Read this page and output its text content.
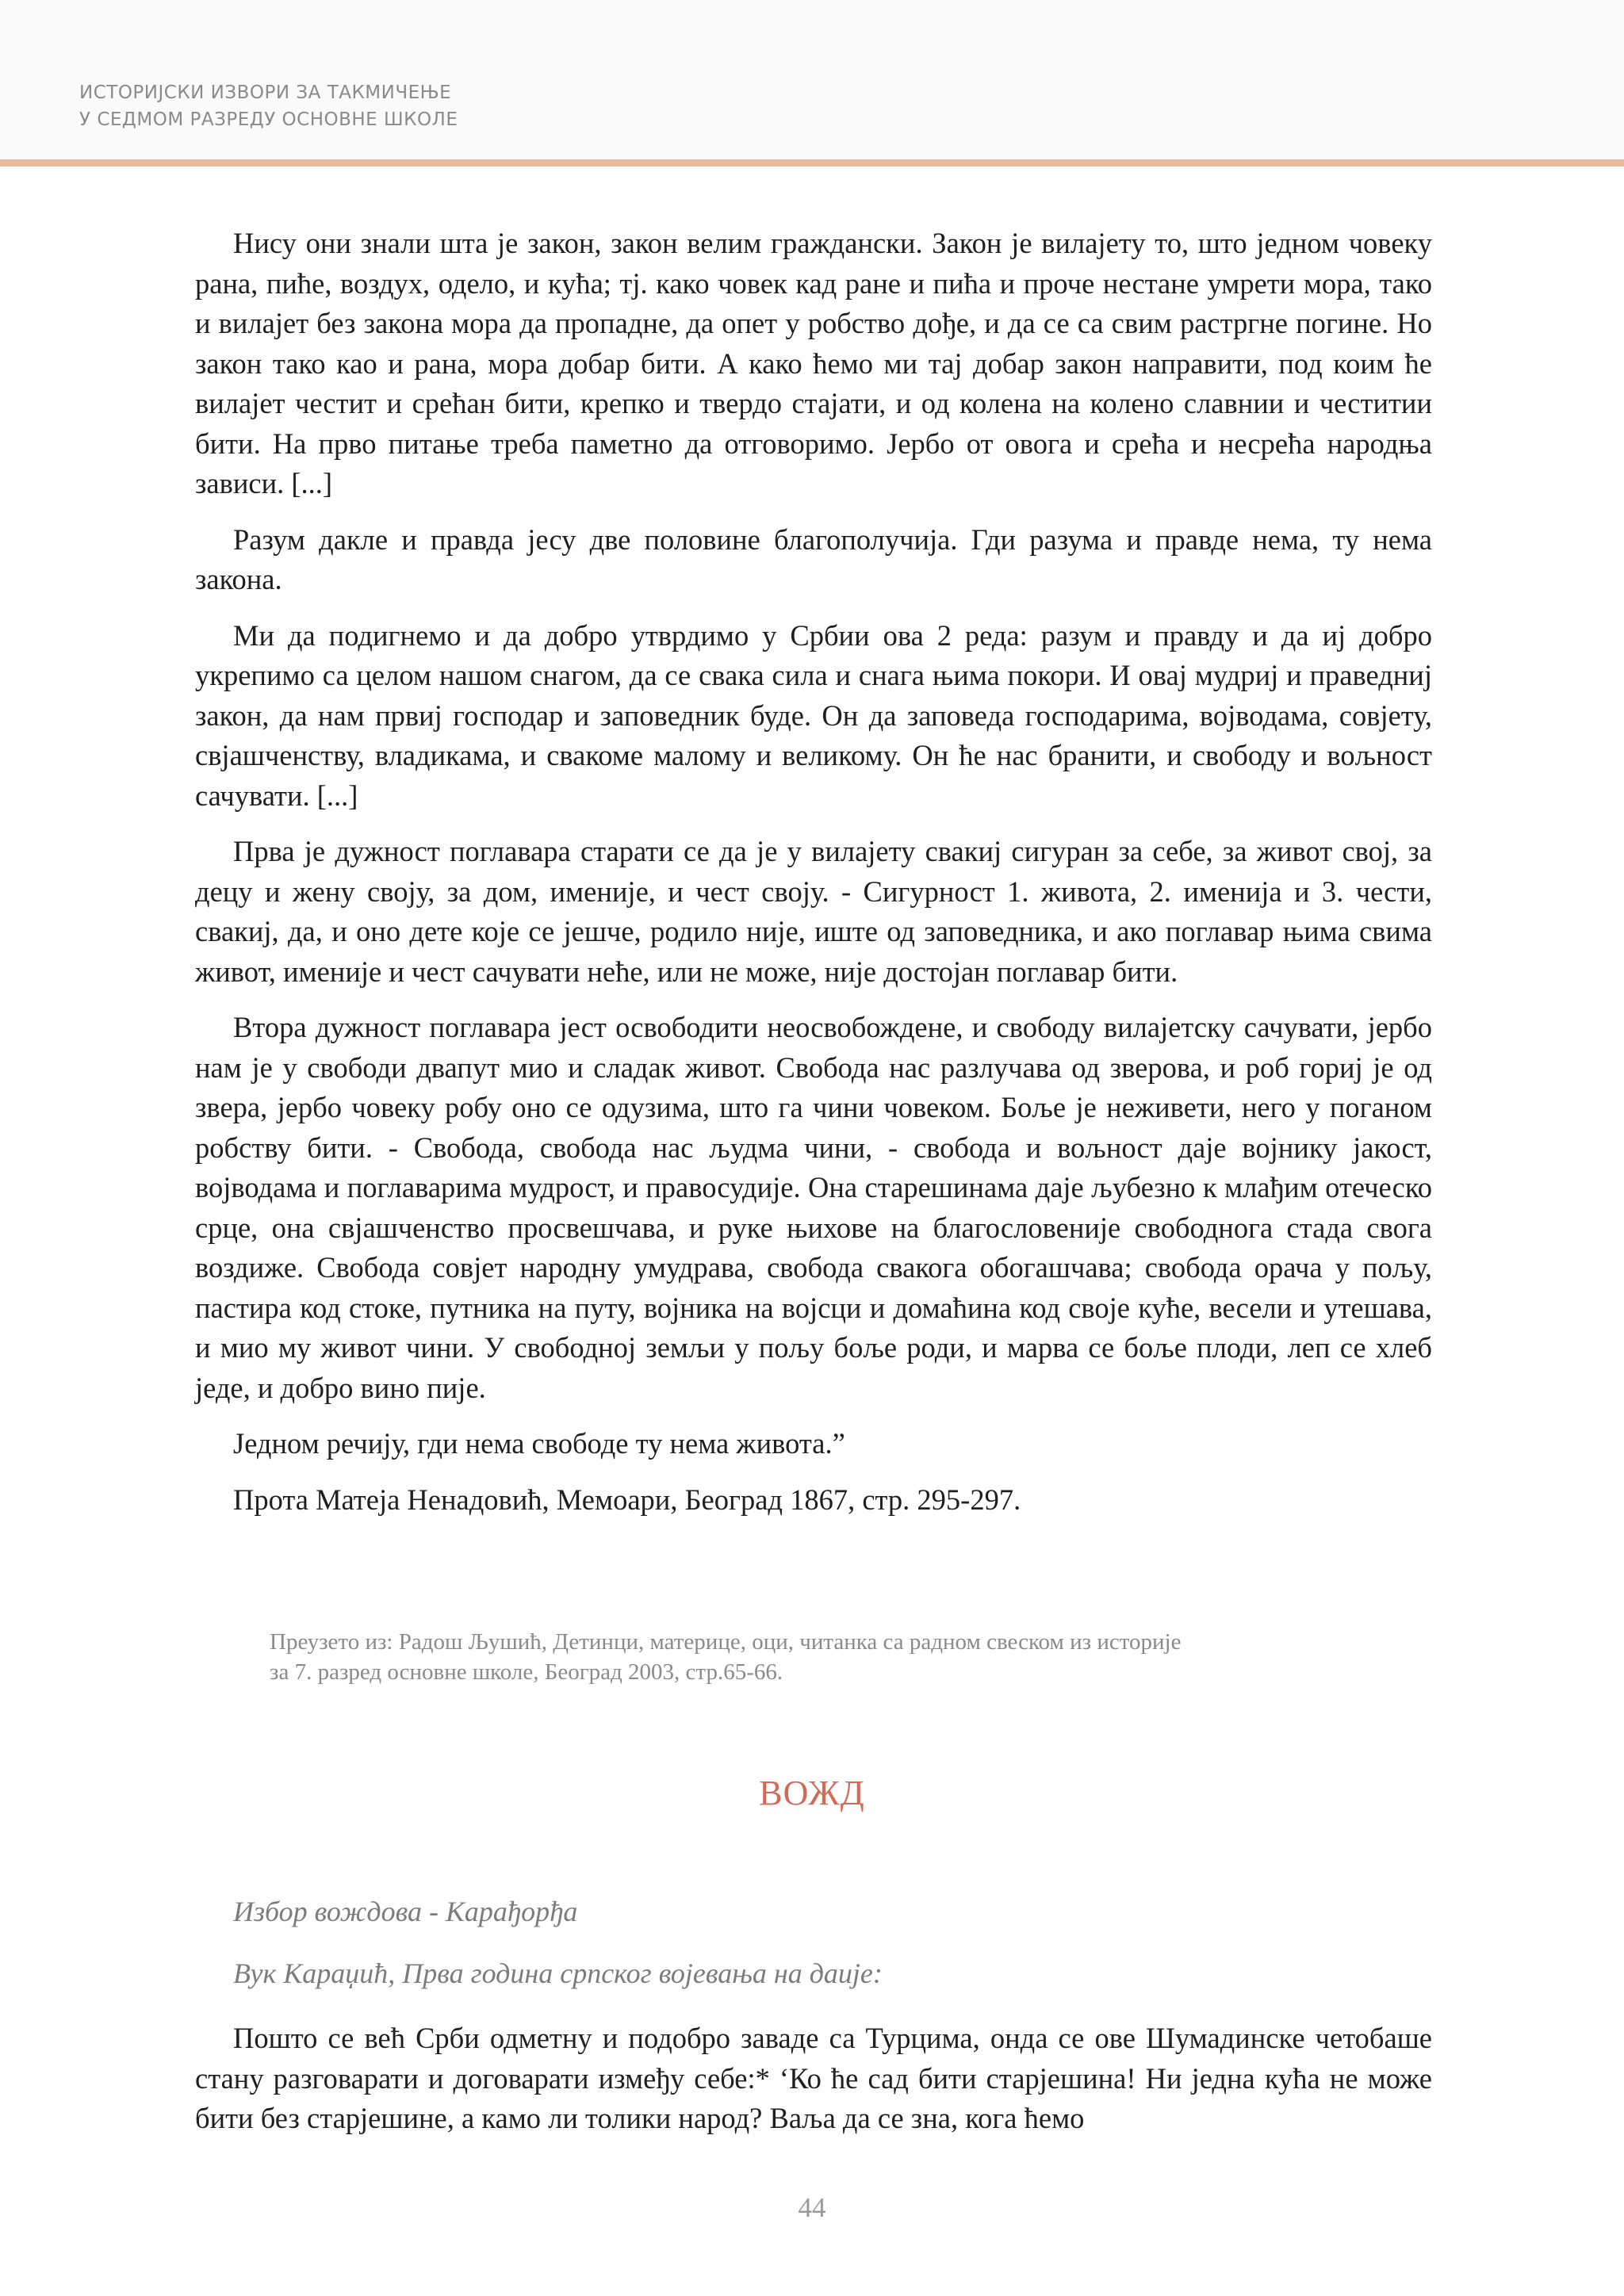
ИСТОРИЈСКИ ИЗВОРИ ЗА ТАКМИЧЕЊЕ
У СЕДМОМ РАЗРЕДУ ОСНОВНЕ ШКОЛЕ

Нису они знали шта је закон, закон велим граждански. Закон је вилајету то, што једном човеку рана, пиће, воздух, одело, и кућа; тј. како човек кад ране и пића и проче нестане умрети мора, тако и вилајет без закона мора да пропадне, да опет у робство дође, и да се са свим растргне погине. Но закон тако као и рана, мора добар бити. А како ћемо ми тај добар закон направити, под коим ће вилајет честит и срећан бити, крепко и твердо стајати, и од колена на колено славнии и честитии бити. На прво питање треба паметно да отговоримо. Јербо от овога и срећа и несрећа народња зависи. [...]

Разум дакле и правда јесу две половине благополучија. Гди разума и правде нема, ту нема закона.

Ми да подигнемо и да добро утврдимо у Србии ова 2 реда: разум и правду и да иј добро укрепимо са целом нашом снагом, да се свака сила и снага њима покори. И овај мудриј и праведниј закон, да нам првиј господар и заповедник буде. Он да заповеда господарима, војводама, совјету, свјашченству, владикама, и свакоме малому и великому. Он ће нас бранити, и свободу и вољност сачувати. [...]

Прва је дужност поглавара старати се да је у вилајету свакиј сигуран за себе, за живот свој, за децу и жену своју, за дом, именије, и чест своју. - Сигурност 1. живота, 2. именија и 3. чести, свакиј, да, и оно дете које се јешче, родило није, иште од заповедника, и ако поглавар њима свима живот, именије и чест сачувати неће, или не може, није достојан поглавар бити.

Втора дужност поглавара јест освободити неосвобождене, и свободу вилајетску сачувати, јербо нам је у свободи двапут мио и сладак живот. Свобода нас разлучава од зверова, и роб гориј је од звера, јербо човеку робу оно се одузима, што га чини човеком. Боље је неживети, него у поганом робству бити. - Свобода, свобода нас људма чини, - свобода и вољност даје војнику јакост, војводама и поглаварима мудрост, и правосудије. Она старешинама даје љубезно к млађим отеческо срце, она свјашченство просвешчава, и руке њихове на благословеније свободнога стада свога воздиже. Свобода совјет народну умудрава, свобода свакога обогашчава; свобода орача у пољу, пастира код стоке, путника на путу, војника на војсци и домаћина код своје куће, весели и утешава, и мио му живот чини. У свободној земљи у пољу боље роди, и марва се боље плоди, леп се хлеб једе, и добро вино пије.

Једном речију, гди нема свободе ту нема живота.”

Прота Матеја Ненадовић, Мемоари, Београд 1867, стр. 295-297.

Преузето из: Радош Љушић, Детинци, материце, оци, читанка са радном свеском из историје
за 7. разред основне школе, Београд 2003, стр.65-66.
ВОЖД
Избор вождова - Карађорђа
Вук Караџић, Прва година српског војевања на даије:

Пошто се већ Срби одметну и подобро заваде са Турцима, онда се ове Шумадинске четобаше стану разговарати и договарати између себе:* ‘Ко ће сад бити старјешина! Ни једна кућа не може бити без старјешине, а камо ли толики народ? Ваља да се зна, кога ћемо

44
